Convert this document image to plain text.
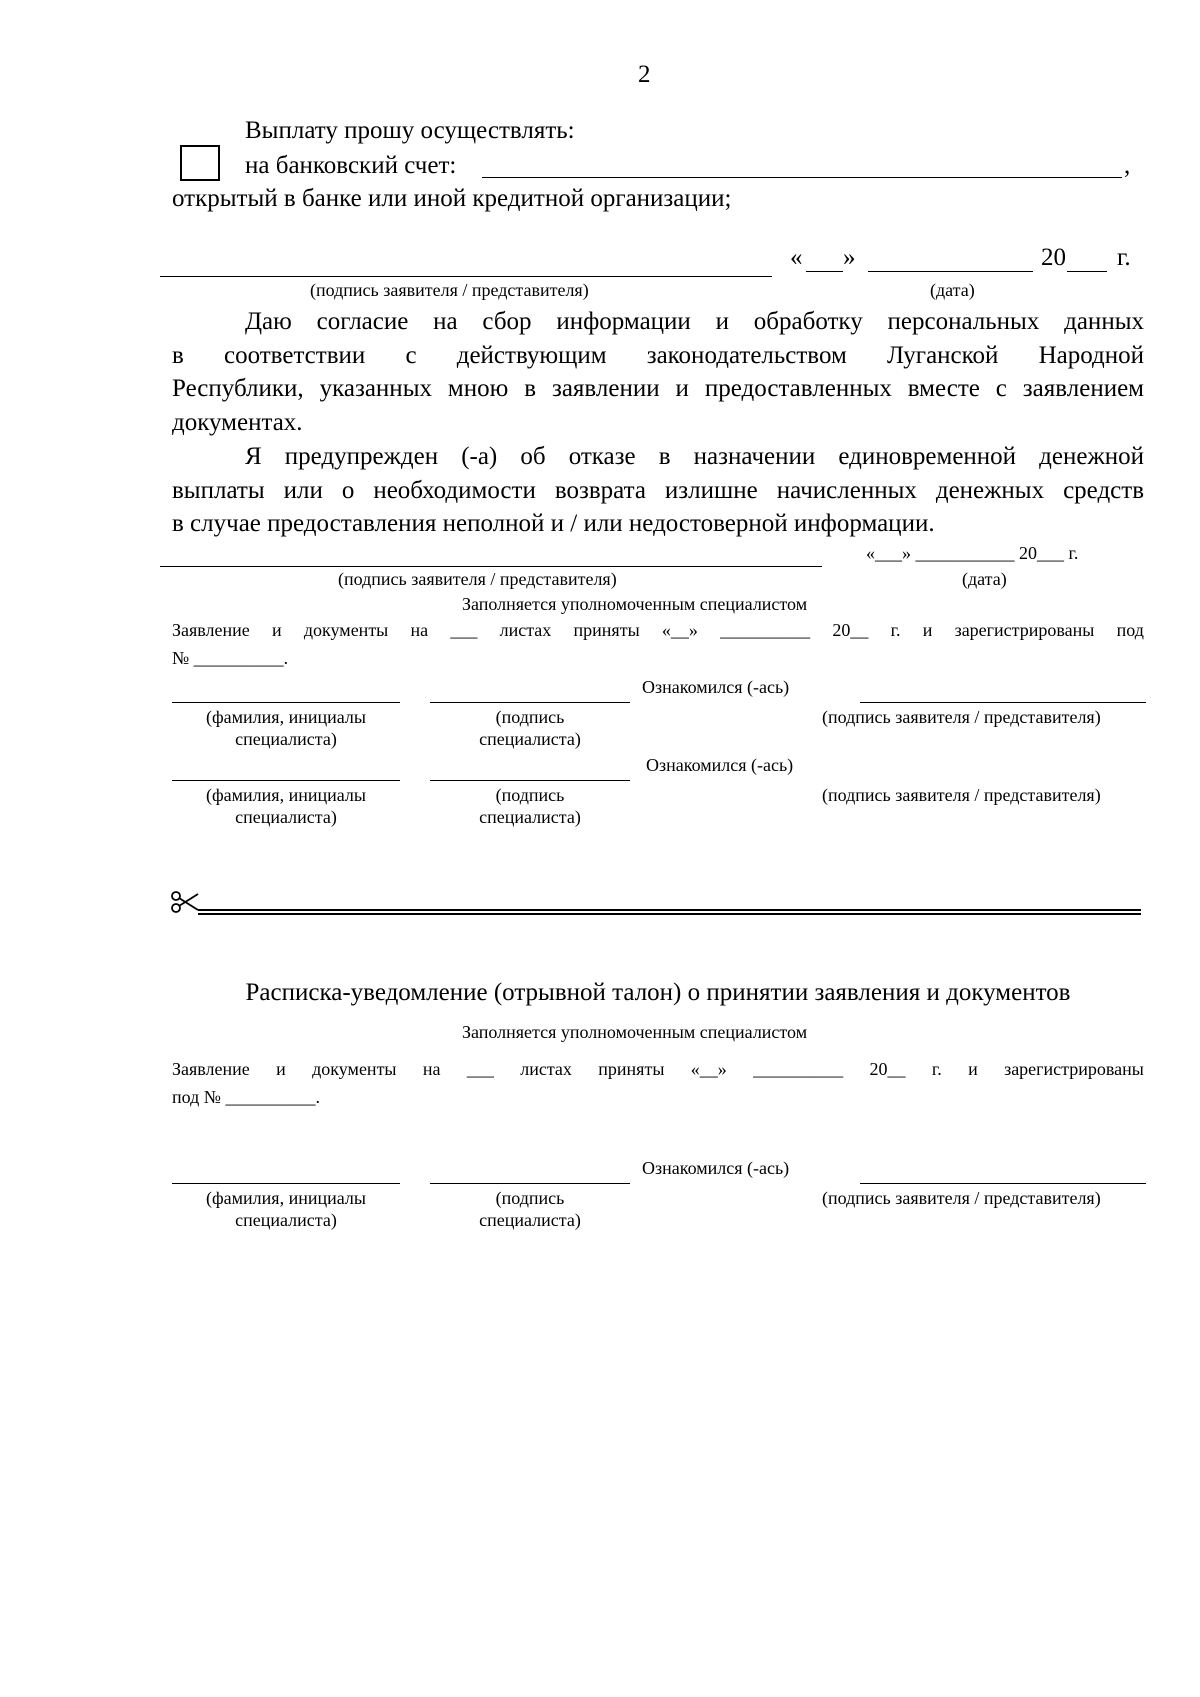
2
Выплату прошу осуществлять:
на банковский счет:	,
открытый в банке или иной кредитной организации;
« »	20 г.
(подпись заявителя / представителя)	(дата)
Даю согласие на сбор информации и обработку персональных данных
в соответствии с действующим законодательством Луганской Народной
Республики, указанных мною в заявлении и предоставленных вместе с заявлением
документах.
Я предупрежден (-а) об отказе в назначении единовременной денежной
выплаты или о необходимости возврата излишне начисленных денежных средств
в случае предоставления неполной и / или недостоверной информации.
«___» ___________ 20___ г.
(подпись заявителя / представителя)	(дата)
Заполняется уполномоченным специалистом
Заявление и документы на ___ листах приняты «__» __________ 20__ г. и зарегистрированы под
№ __________.
Ознакомился (-ась)
(фамилия, инициалы
специалиста)
(подпись
специалиста)
(подпись заявителя / представителя)
Ознакомился (-ась)
(фамилия, инициалы
специалиста)
(подпись
специалиста)
(подпись заявителя / представителя)
Расписка-уведомление (отрывной талон) о принятии заявления и документов
Заполняется уполномоченным специалистом
Заявление и документы на ___ листах приняты «__» __________ 20__ г. и зарегистрированы
под № __________.
Ознакомился (-ась)
(фамилия, инициалы
специалиста)
(подпись
специалиста)
(подпись заявителя / представителя)
